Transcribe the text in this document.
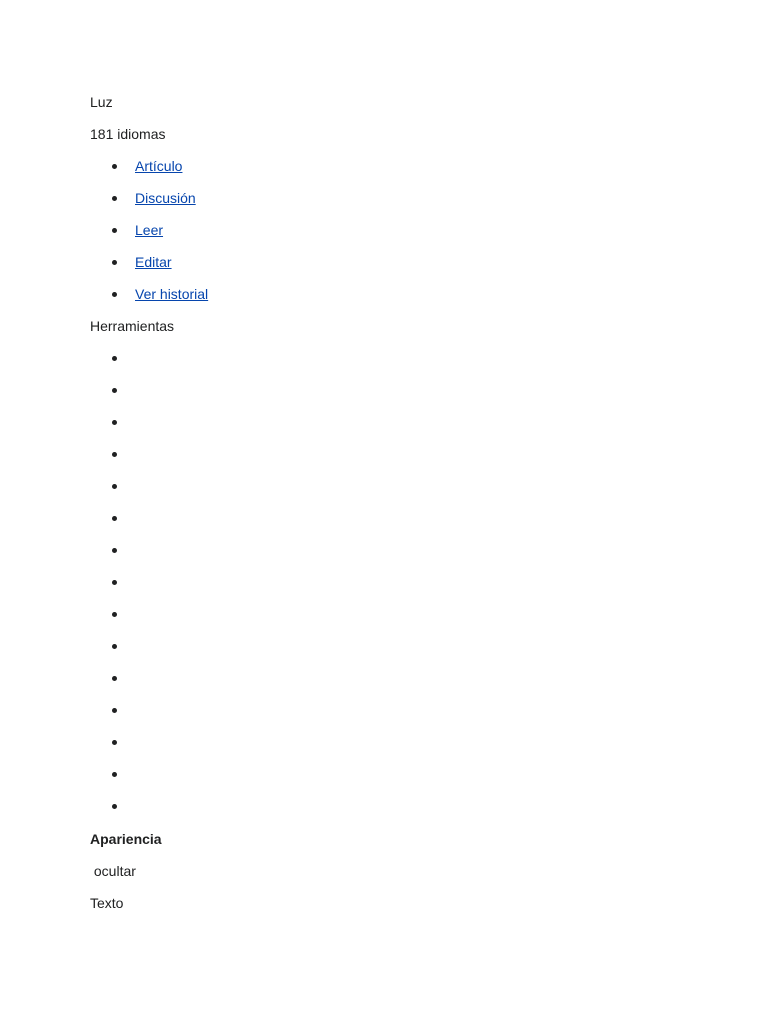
Luz
181 idiomas
Artículo
Discusión
Leer
Editar
Ver historial
Herramientas
Apariencia
ocultar
Texto
